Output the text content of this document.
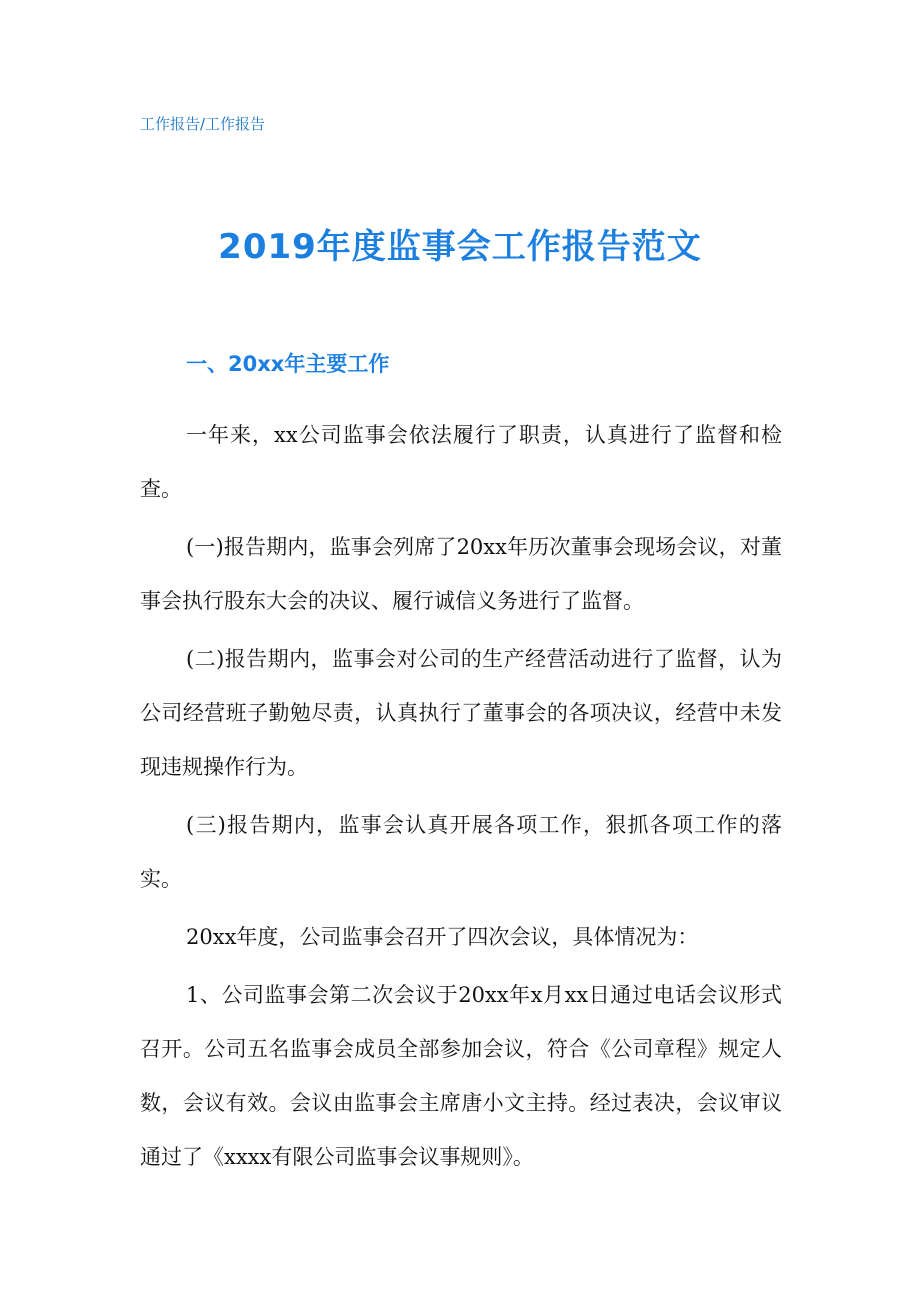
工作报告/工作报告
2019年度监事会工作报告范文
一、20xx年主要工作

一年来，xx公司监事会依法履行了职责，认真进行了监督和检查。

(一)报告期内，监事会列席了20xx年历次董事会现场会议，对董事会执行股东大会的决议、履行诚信义务进行了监督。

(二)报告期内，监事会对公司的生产经营活动进行了监督，认为公司经营班子勤勉尽责，认真执行了董事会的各项决议，经营中未发现违规操作行为。

(三)报告期内，监事会认真开展各项工作，狠抓各项工作的落实。

20xx年度，公司监事会召开了四次会议，具体情况为：

1、公司监事会第二次会议于20xx年x月xx日通过电话会议形式召开。公司五名监事会成员全部参加会议，符合《公司章程》规定人数，会议有效。会议由监事会主席唐小文主持。经过表决，会议审议通过了《xxxx有限公司监事会议事规则》。
